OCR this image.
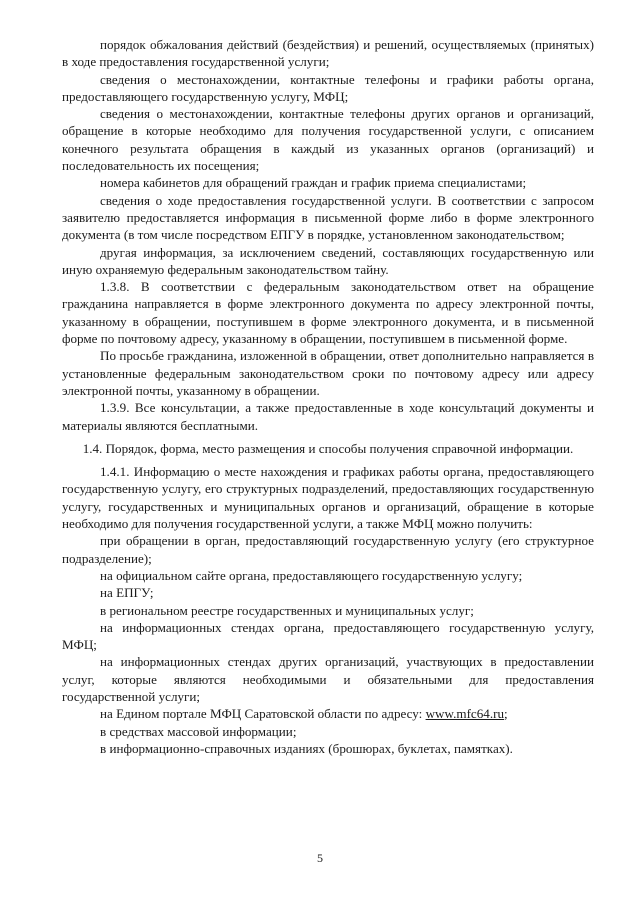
порядок обжалования действий (бездействия) и решений, осуществляемых (принятых) в ходе предоставления государственной услуги;

сведения о местонахождении, контактные телефоны и графики работы органа, предоставляющего государственную услугу, МФЦ;

сведения о местонахождении, контактные телефоны других органов и организаций, обращение в которые необходимо для получения государственной услуги, с описанием конечного результата обращения в каждый из указанных органов (организаций) и последовательность их посещения;

номера кабинетов для обращений граждан и график приема специалистами;

сведения о ходе предоставления государственной услуги. В соответствии с запросом заявителю предоставляется информация в письменной форме либо в форме электронного документа (в том числе посредством ЕПГУ в порядке, установленном законодательством;

другая информация, за исключением сведений, составляющих государственную или иную охраняемую федеральным законодательством тайну.

1.3.8. В соответствии с федеральным законодательством ответ на обращение гражданина направляется в форме электронного документа по адресу электронной почты, указанному в обращении, поступившем в форме электронного документа, и в письменной форме по почтовому адресу, указанному в обращении, поступившем в письменной форме.

По просьбе гражданина, изложенной в обращении, ответ дополнительно направляется в установленные федеральным законодательством сроки по почтовому адресу или адресу электронной почты, указанному в обращении.

1.3.9. Все консультации, а также предоставленные в ходе консультаций документы и материалы являются бесплатными.

1.4. Порядок, форма, место размещения и способы получения справочной информации.

1.4.1. Информацию о месте нахождения и графиках работы органа, предоставляющего государственную услугу, его структурных подразделений, предоставляющих государственную услугу, государственных и муниципальных органов и организаций, обращение в которые необходимо для получения государственной услуги, а также МФЦ можно получить:

при обращении в орган, предоставляющий государственную услугу (его структурное подразделение);

на официальном сайте органа, предоставляющего государственную услугу;

на ЕПГУ;

в региональном реестре государственных и муниципальных услуг;

на информационных стендах органа, предоставляющего государственную услугу, МФЦ;

на информационных стендах других организаций, участвующих в предоставлении услуг, которые являются необходимыми и обязательными для предоставления государственной услуги;

на Едином портале МФЦ Саратовской области по адресу: www.mfc64.ru;

в средствах массовой информации;

в информационно-справочных изданиях (брошюрах, буклетах, памятках).

5
